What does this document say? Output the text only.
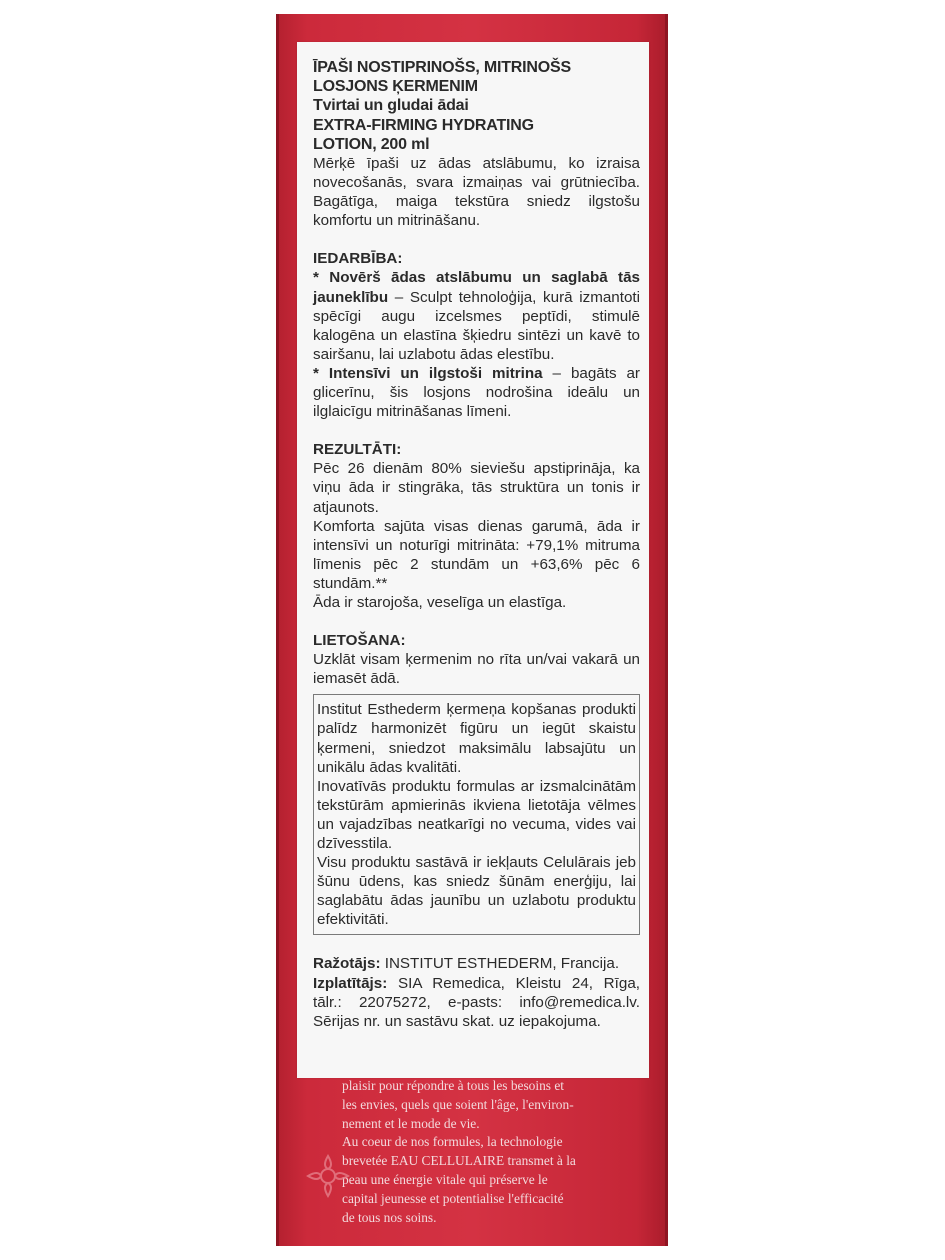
plaisir pour répondre à tous les besoins et
les envies, quels que soient l'âge, l'environ-
nement et le mode de vie.
Au coeur de nos formules, la technologie
brevetée EAU CELLULAIRE transmet à la
peau une énergie vitale qui préserve le
capital jeunesse et potentialise l'efficacité
de tous nos soins.
ĪPAŠI NOSTIPRINOŠS, MITRINOŠS
LOSJONS ĶERMENIM
Tvirtai un gludai ādai
EXTRA-FIRMING HYDRATING
LOTION, 200 ml

Mērķē īpaši uz ādas atslābumu, ko izraisa novecošanās, svara izmaiņas vai grūtniecība. Bagātīga, maiga tekstūra sniedz ilgstošu komfortu un mitrināšanu.

IEDARBĪBA:

* Novērš ādas atslābumu un saglabā tās jauneklību – Sculpt tehnoloģija, kurā izmantoti spēcīgi augu izcelsmes peptīdi, stimulē kalogēna un elastīna šķiedru sintēzi un kavē to sairšanu, lai uzlabotu ādas elestību.

* Intensīvi un ilgstoši mitrina – bagāts ar glicerīnu, šis losjons nodrošina ideālu un ilglaicīgu mitrināšanas līmeni.

REZULTĀTI:

Pēc 26 dienām 80% sieviešu apstiprināja, ka viņu āda ir stingrāka, tās struktūra un tonis ir atjaunots.

Komforta sajūta visas dienas garumā, āda ir intensīvi un noturīgi mitrināta: +79,1% mitruma līmenis pēc 2 stundām un +63,6% pēc 6 stundām.**

Āda ir starojoša, veselīga un elastīga.

LIETOŠANA:

Uzklāt visam ķermenim no rīta un/vai vakarā un iemasēt ādā.

Institut Esthederm ķermeņa kopšanas produkti palīdz harmonizēt figūru un iegūt skaistu ķermeni, sniedzot maksimālu labsajūtu un unikālu ādas kvalitāti.

Inovatīvās produktu formulas ar izsmalcinātām tekstūrām apmierinās ikviena lietotāja vēlmes un vajadzības neatkarīgi no vecuma, vides vai dzīvesstila.

Visu produktu sastāvā ir iekļauts Celulārais jeb šūnu ūdens, kas sniedz šūnām enerģiju, lai saglabātu ādas jaunību un uzlabotu produktu efektivitāti.

Ražotājs: INSTITUT ESTHEDERM, Francija.

Izplatītājs: SIA Remedica, Kleistu 24, Rīga, tālr.: 22075272, e-pasts: info@remedica.lv. Sērijas nr. un sastāvu skat. uz iepakojuma.
